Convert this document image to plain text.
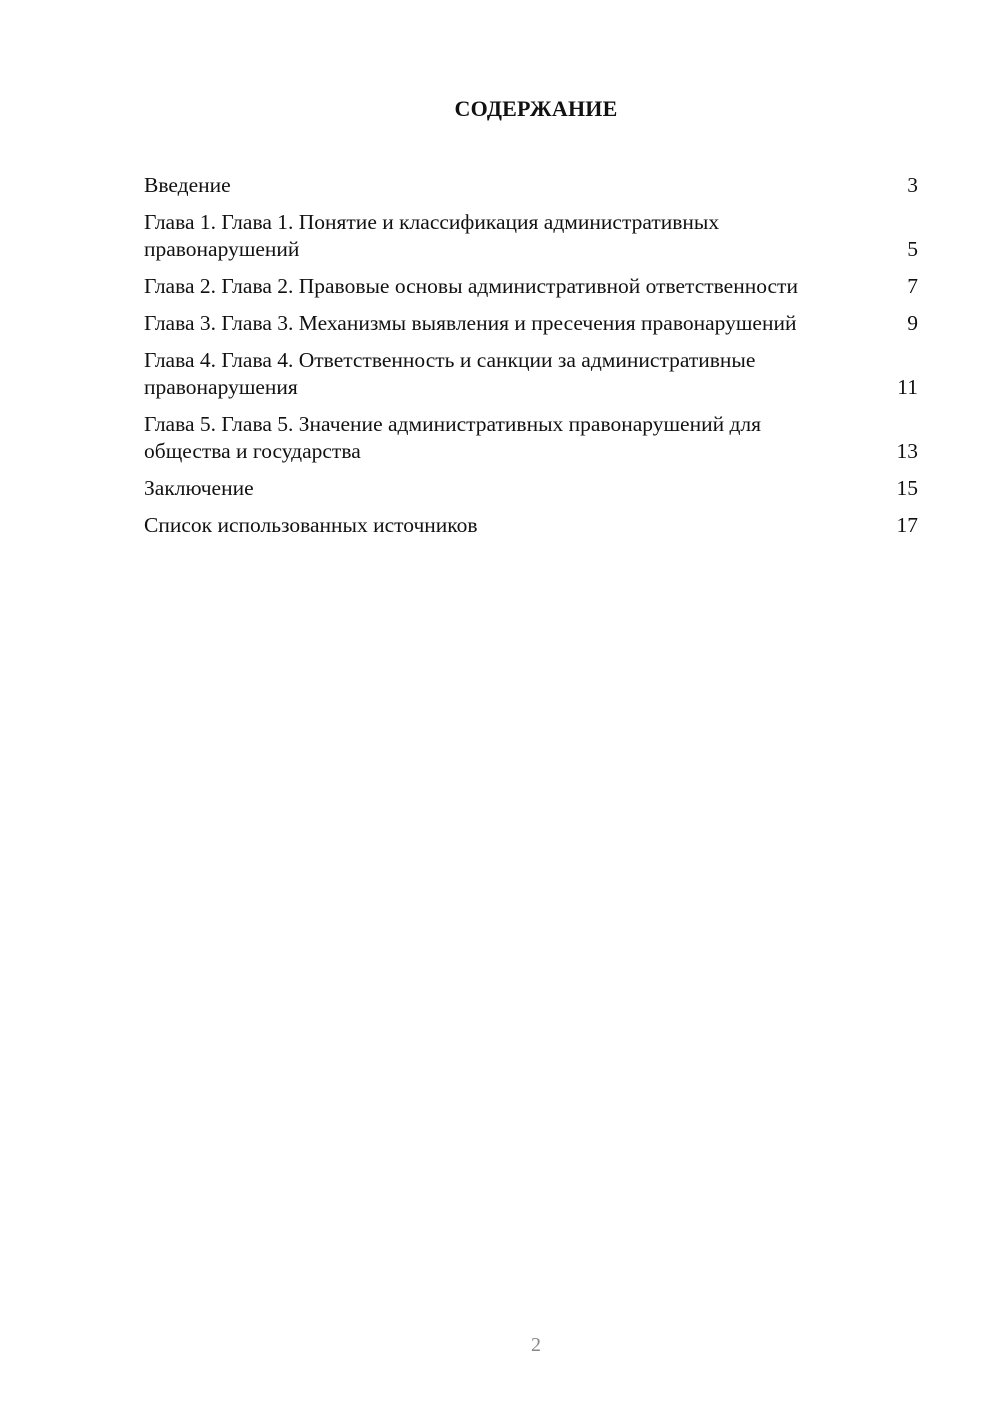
СОДЕРЖАНИЕ
Введение	3
Глава 1. Глава 1. Понятие и классификация административных правонарушений	5
Глава 2. Глава 2. Правовые основы административной ответственности	7
Глава 3. Глава 3. Механизмы выявления и пресечения правонарушений	9
Глава 4. Глава 4. Ответственность и санкции за административные правонарушения	11
Глава 5. Глава 5. Значение административных правонарушений для общества и государства	13
Заключение	15
Список использованных источников	17
2
